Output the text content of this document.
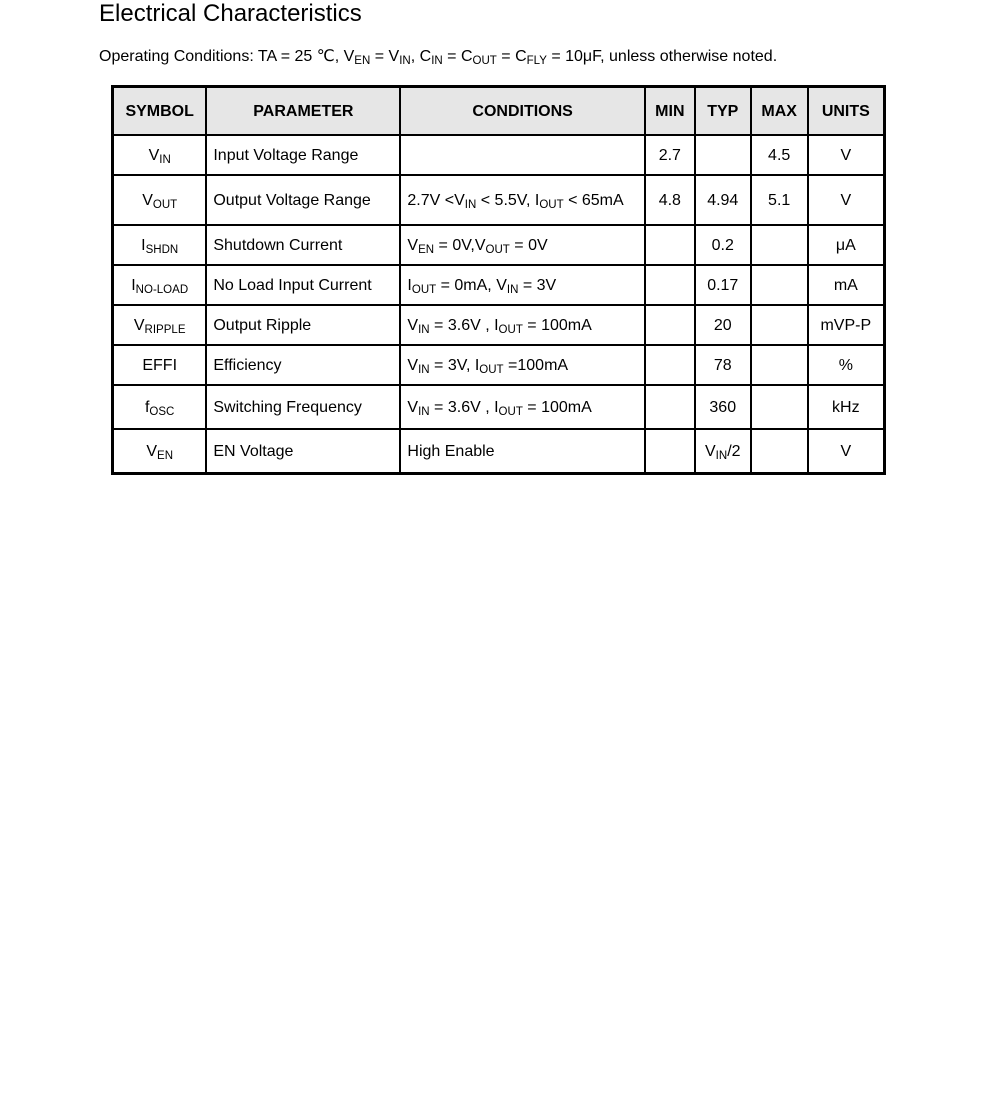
Electrical Characteristics

Operating Conditions: TA = 25 ℃, $V_{EN} = V_{IN}$, $C_{IN} = C_{OUT} = C_{FLY} = 10\mu F$, unless otherwise noted.

SYMBOL	PARAMETER	CONDITIONS	MIN	TYP	MAX	UNITS
$V_{IN}$	Input Voltage Range		2.7		4.5	V
$V_{OUT}$	Output Voltage Range	$2.7V <V_{IN} < 5.5V$, $I_{OUT} < 65mA$	4.8	4.94	5.1	V
$I_{SHDN}$	Shutdown Current	$V_{EN} = 0V,V_{OUT} = 0V$		0.2		μA
$I_{NO-LOAD}$	No Load Input Current	$I_{OUT} = 0mA$, $V_{IN} = 3V$		0.17		mA
$V_{RIPPLE}$	Output Ripple	$V_{IN} = 3.6V$ , $I_{OUT} = 100mA$		20		mVP-P
EFFI	Efficiency	$V_{IN} = 3V$, $I_{OUT} =100mA$		78		%
$f_{OSC}$	Switching Frequency	$V_{IN} = 3.6V$ , $I_{OUT} = 100mA$		360		kHz
$V_{EN}$	EN Voltage	High Enable		$V_{IN}/2$		V
